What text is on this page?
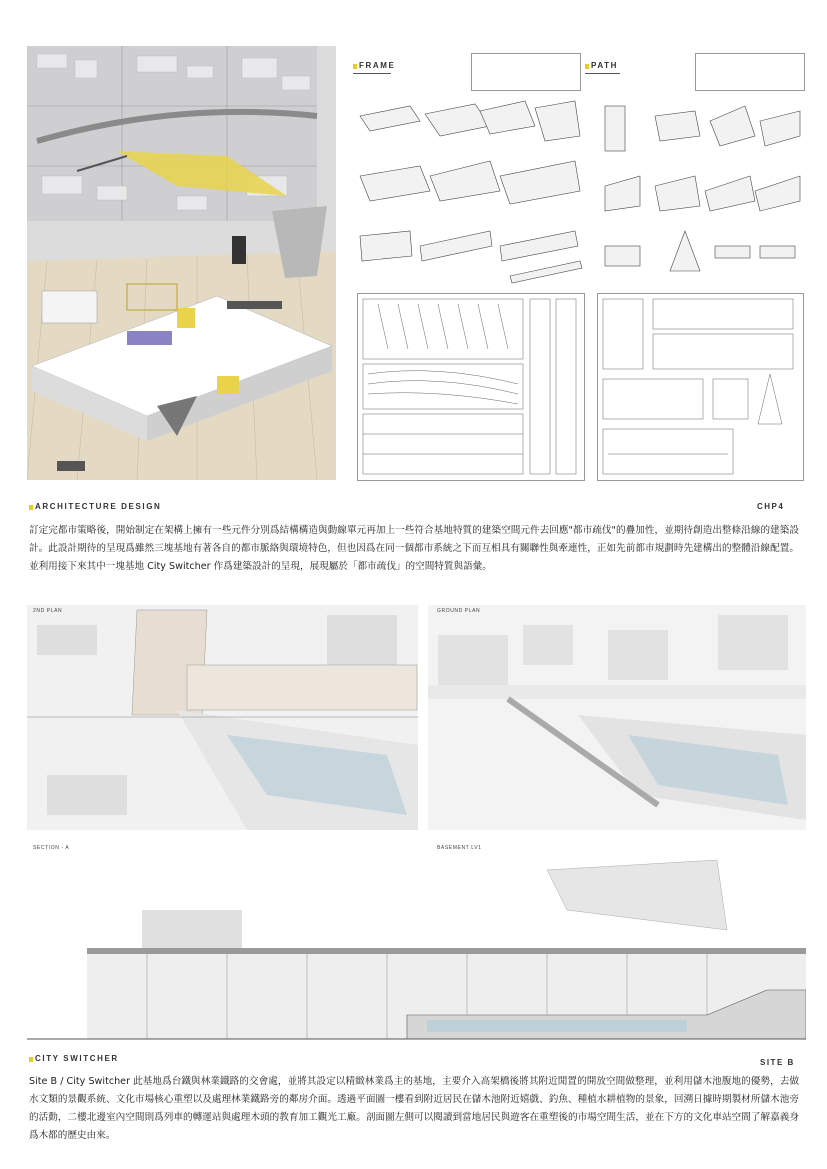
FRAME	PATH
ARCHITECTURE DESIGN	CHP4
訂定完都市策略後，開始制定在架構上擁有一些元件分別爲結構構造與動線單元再加上一些符合基地特質的建築空間元件去回應"都市疏伐"的疊加性，並期待創造出整條沿線的建築設計。此設計期待的呈現爲雖然三塊基地有著各自的都市脈絡與環境特色，但也因爲在同一個都市系統之下而互相具有關聯性與牽連性，正如先前都市規劃時先建構出的整體沿線配置。並利用接下來其中一塊基地 City Switcher 作爲建築設計的呈現，展現屬於「都市疏伐」的空間特質與語彙。
2ND PLAN	GROUND PLAN
SECTION - A	BASEMENT LV1
CITY SWITCHER	SITE B
Site B / City Switcher 此基地爲台鐵與林業鐵路的交會處，並將其設定以精緻林業爲主的基地，主要介入高架橋後將其附近閒置的開放空間做整理，並利用儲木池腹地的優勢，去做水文類的景觀系統、文化市場核心重塑以及處理林業鐵路旁的鄰房介面。透過平面圖一樓看到附近居民在儲木池附近嬉戲、釣魚、種植水耕植物的景象，回溯日據時期製材所儲木池旁的活動，二樓北邊室內空間則爲列車的轉運站與處理木頭的教育加工觀光工廠。剖面圖左側可以閱讀到當地居民與遊客在重塑後的市場空間生活，並在下方的文化車站空間了解嘉義身爲木都的歷史由來。
